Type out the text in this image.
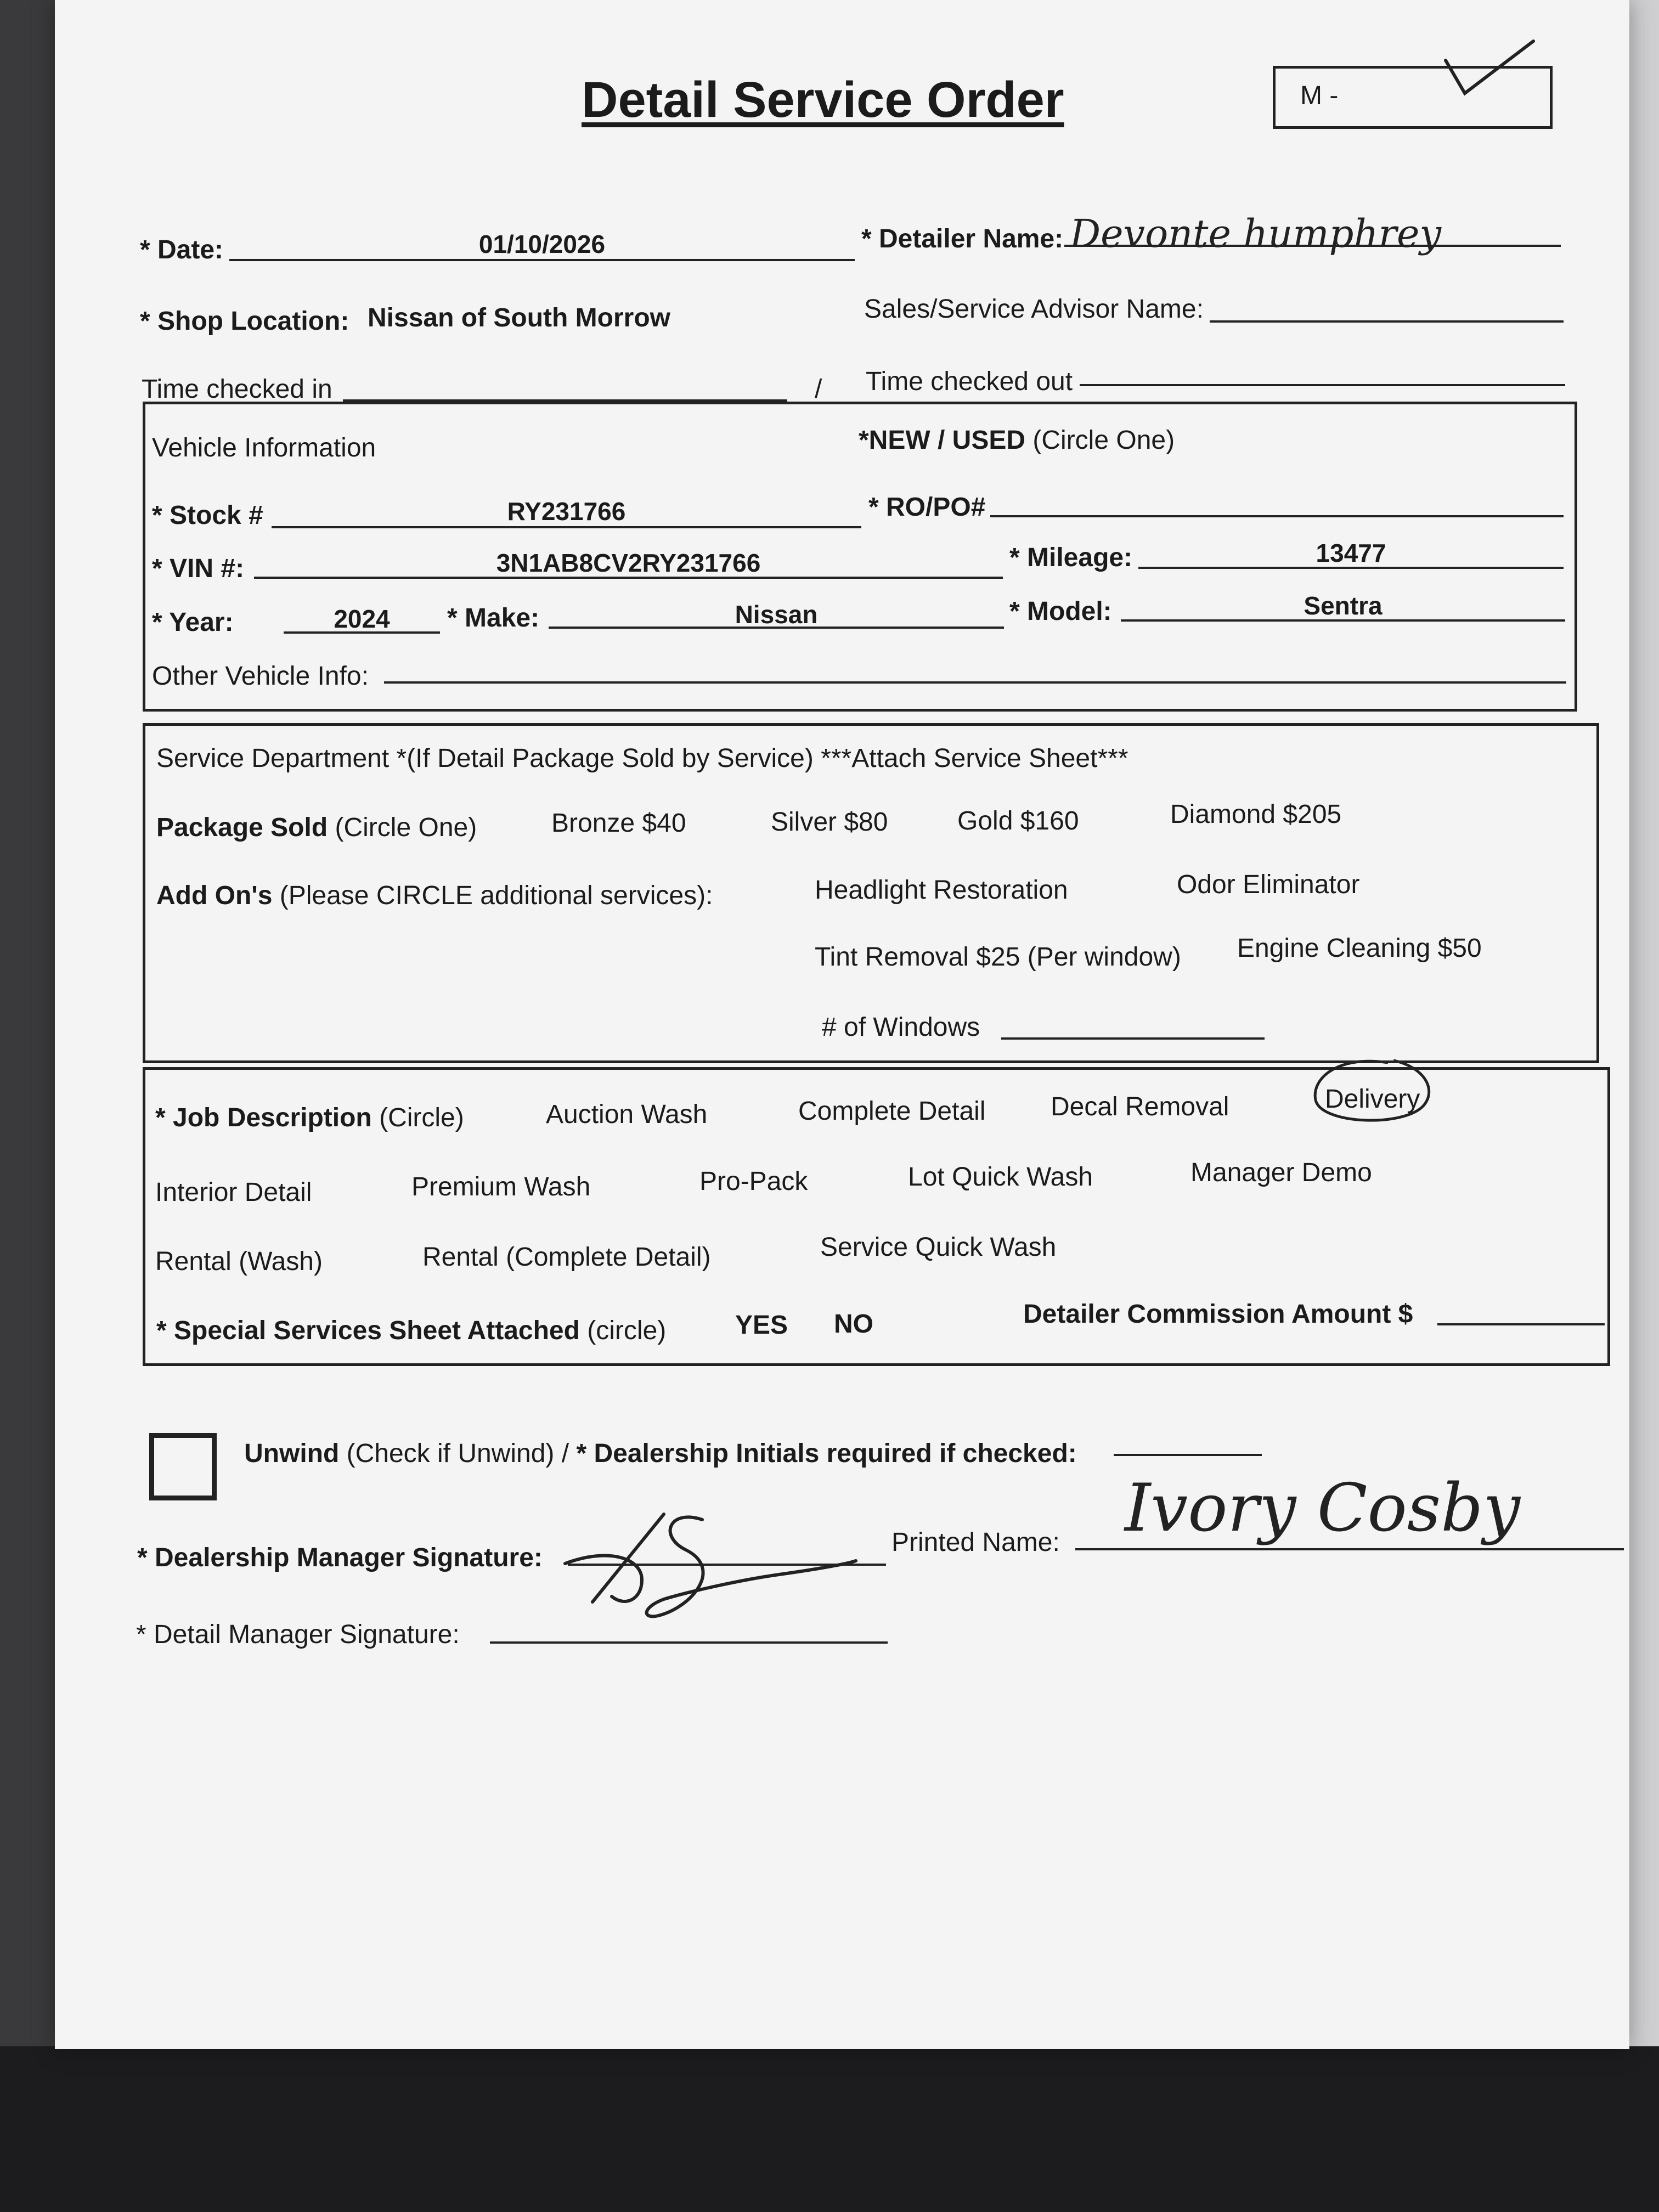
Detail Service Order	M -
* Date:	01/10/2026	* Detailer Name: Devonte humphrey
* Shop Location: Nissan of South Morrow	Sales/Service Advisor Name:
Time checked in	/ Time checked out
Vehicle Information	*NEW / USED (Circle One)
* Stock #	RY231766	* RO/PO#
* VIN #:	3N1AB8CV2RY231766	* Mileage:	13477
* Year:	2024	* Make:	Nissan	* Model:	Sentra
Other Vehicle Info:
Service Department *(If Detail Package Sold by Service) ***Attach Service Sheet***
Package Sold (Circle One)	Bronze $40	Silver $80	Gold $160	Diamond $205
Add On's (Please CIRCLE additional services):	Headlight Restoration	Odor Eliminator
Tint Removal $25 (Per window) Engine Cleaning $50
# of Windows
* Job Description (Circle)	Auction Wash	Complete Detail Decal Removal	Delivery
Interior Detail	Premium Wash	Pro-Pack	Lot Quick Wash	Manager Demo
Rental (Wash)	Rental (Complete Detail)	Service Quick Wash
* Special Services Sheet Attached (circle)	YES NO	Detailer Commission Amount $
Unwind (Check if Unwind) / * Dealership Initials required if checked:
* Dealership Manager Signature:
Printed Name: Ivory Cosby
* Detail Manager Signature:
